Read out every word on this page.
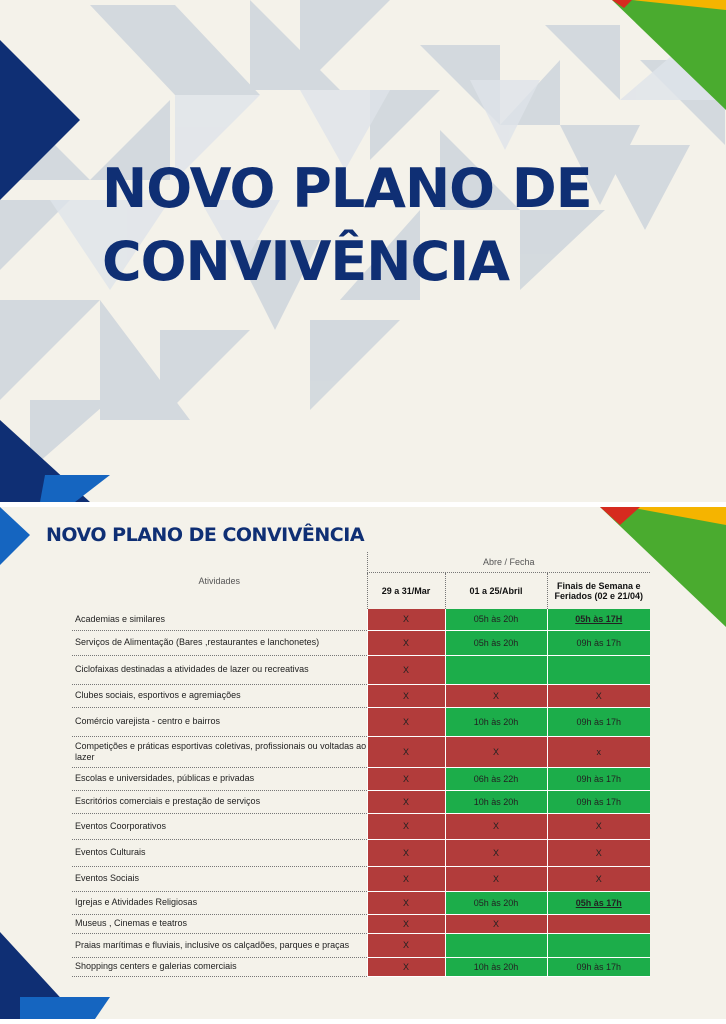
NOVO PLANO DE
CONVIVÊNCIA
NOVO PLANO DE CONVIVÊNCIA
Atividades	Abre / Fecha		
	29 a 31/Mar	01 a 25/Abril	Finais de Semana e Feriados (02 e 21/04)
Academias e similares	X	05h às 20h	05h às 17H
Serviços de Alimentação (Bares ,restaurantes e lanchonetes)	X	05h às 20h	09h às 17h
Ciclofaixas destinadas a atividades de lazer ou recreativas	X		
Clubes sociais, esportivos e agremiações	X	X	X
Comércio varejista - centro e bairros	X	10h às 20h	09h às 17h
Competições e práticas esportivas coletivas, profissionais ou voltadas ao lazer	X	X	x
Escolas e universidades, públicas e privadas	X	06h às 22h	09h às 17h
Escritórios comerciais e prestação de serviços	X	10h às 20h	09h às 17h
Eventos Coorporativos	X	X	X
Eventos Culturais	X	X	X
Eventos Sociais	X	X	X
Igrejas e Atividades Religiosas	X	05h às 20h	05h às 17h
Museus , Cinemas e teatros	X	X	
Praias marítimas e fluviais, inclusive os calçadões, parques e praças	X		
Shoppings centers e galerias comerciais	X	10h às 20h	09h às 17h
